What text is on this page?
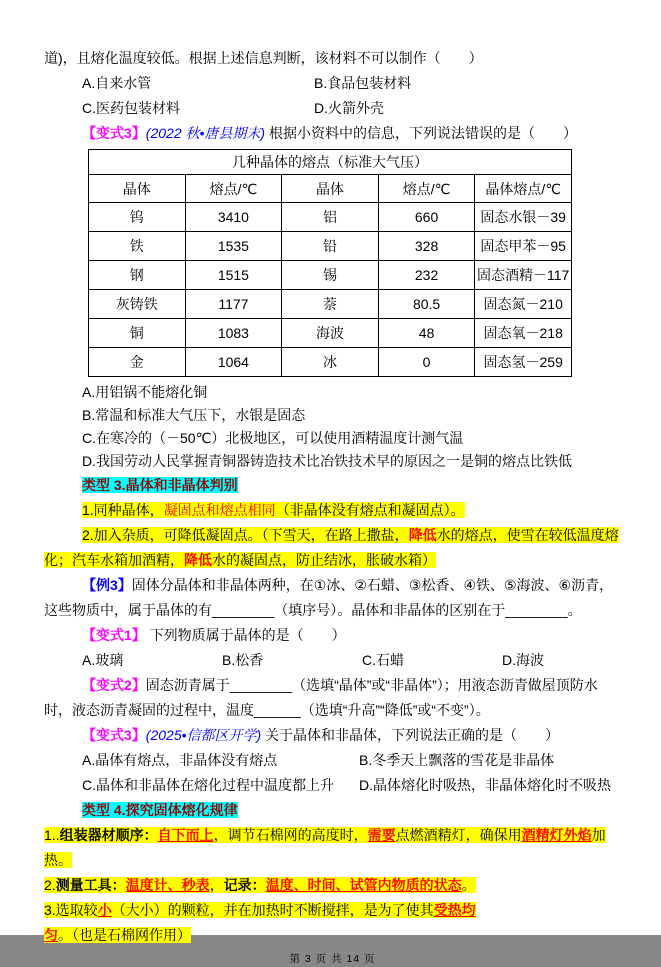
道)，且熔化温度较低。根据上述信息判断，该材料不可以制作（　　）

A.自来水管	B.食品包装材料
C.医药包装材料	D.火箭外壳

【变式3】(2022 秋•唐县期末) 根据小资料中的信息，下列说法错误的是（　　）

几种晶体的熔点（标准大气压）				
晶体	熔点/℃	晶体	熔点/℃	晶体熔点/℃
钨	3410	铝	660	固态水银－39
铁	1535	铅	328	固态甲苯－95
钢	1515	锡	232	固态酒精－117
灰铸铁	1177	萘	80.5	固态氮－210
铜	1083	海波	48	固态氧－218
金	1064	冰	0	固态氢－259

A.用铝锅不能熔化铜

B.常温和标准大气压下，水银是固态

C.在寒冷的（－50℃）北极地区，可以使用酒精温度计测气温

D.我国劳动人民掌握青铜器铸造技术比冶铁技术早的原因之一是铜的熔点比铁低

类型 3.晶体和非晶体判别

1.同种晶体，凝固点和熔点相同（非晶体没有熔点和凝固点）。

2.加入杂质，可降低凝固点。（下雪天，在路上撒盐，降低水的熔点，使雪在较低温度熔化；汽车水箱加酒精，降低水的凝固点，防止结冰，胀破水箱）

【例3】固体分晶体和非晶体两种，在①冰、②石蜡、③松香、④铁、⑤海波、⑥沥青，这些物质中，属于晶体的有________（填序号）。晶体和非晶体的区别在于________。

【变式1】 下列物质属于晶体的是（　　）

A.玻璃	B.松香	C.石蜡	D.海波

【变式2】固态沥青属于________（选填“晶体”或“非晶体”）；用液态沥青做屋顶防水时，液态沥青凝固的过程中，温度______（选填“升高”“降低”或“不变”）。

【变式3】(2025•信都区开学) 关于晶体和非晶体，下列说法正确的是（　　）

A.晶体有熔点，非晶体没有熔点	B.冬季天上飘落的雪花是非晶体
C.晶体和非晶体在熔化过程中温度都上升	D.晶体熔化时吸热，非晶体熔化时不吸热

类型 4.探究固体熔化规律

1..组装器材顺序：自下而上，调节石棉网的高度时，需要点燃酒精灯，确保用酒精灯外焰加热。

2.测量工具：温度计、秒表，记录：温度、时间、试管内物质的状态。

3.选取较小（大小）的颗粒，并在加热时不断搅拌，是为了使其受热均匀。（也是石棉网作用）

第 3 页 共 14 页
